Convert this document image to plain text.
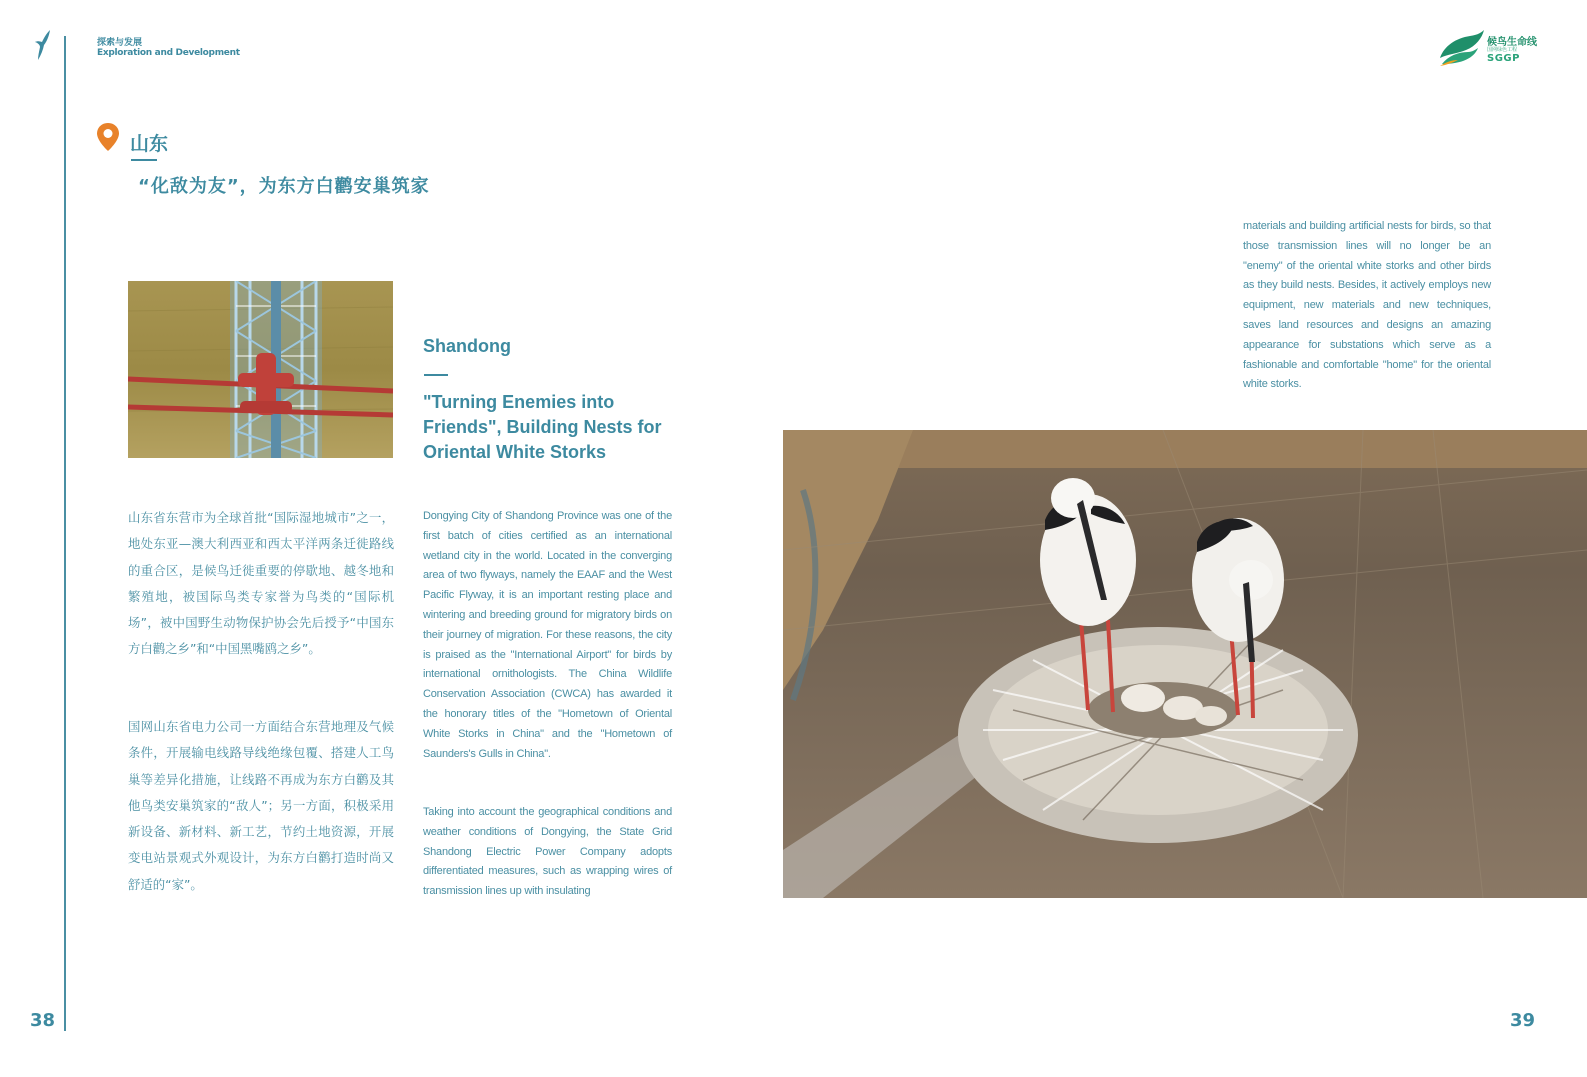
探索与发展
Exploration and Development
候鸟生命线
国网绿色工程
SGGP
山东
“化敌为友”，为东方白鹳安巢筑家
Shandong
"Turning Enemies into Friends", Building Nests for Oriental White Storks

山东省东营市为全球首批“国际湿地城市”之一，地处东亚—澳大利西亚和西太平洋两条迁徙路线的重合区，是候鸟迁徙重要的停歇地、越冬地和繁殖地，被国际鸟类专家誉为鸟类的“国际机场”，被中国野生动物保护协会先后授予“中国东方白鹳之乡”和“中国黑嘴鸥之乡”。

国网山东省电力公司一方面结合东营地理及气候条件，开展输电线路导线绝缘包覆、搭建人工鸟巢等差异化措施，让线路不再成为东方白鹳及其他鸟类安巢筑家的“敌人”；另一方面，积极采用新设备、新材料、新工艺，节约土地资源，开展变电站景观式外观设计，为东方白鹳打造时尚又舒适的“家”。

Dongying City of Shandong Province was one of the first batch of cities certified as an international wetland city in the world. Located in the converging area of two flyways, namely the EAAF and the West Pacific Flyway, it is an important resting place and wintering and breeding ground for migratory birds on their journey of migration. For these reasons, the city is praised as the "International Airport" for birds by international ornithologists. The China Wildlife Conservation Association (CWCA) has awarded it the honorary titles of the "Hometown of Oriental White Storks in China" and the "Hometown of Saunders's Gulls in China".

Taking into account the geographical conditions and weather conditions of Dongying, the State Grid Shandong Electric Power Company adopts differentiated measures, such as wrapping wires of transmission lines up with insulating

materials and building artificial nests for birds, so that those transmission lines will no longer be an "enemy" of the oriental white storks and other birds as they build nests. Besides, it actively employs new equipment, new materials and new techniques, saves land resources and designs an amazing appearance for substations which serve as a fashionable and comfortable "home" for the oriental white storks.

38	39
